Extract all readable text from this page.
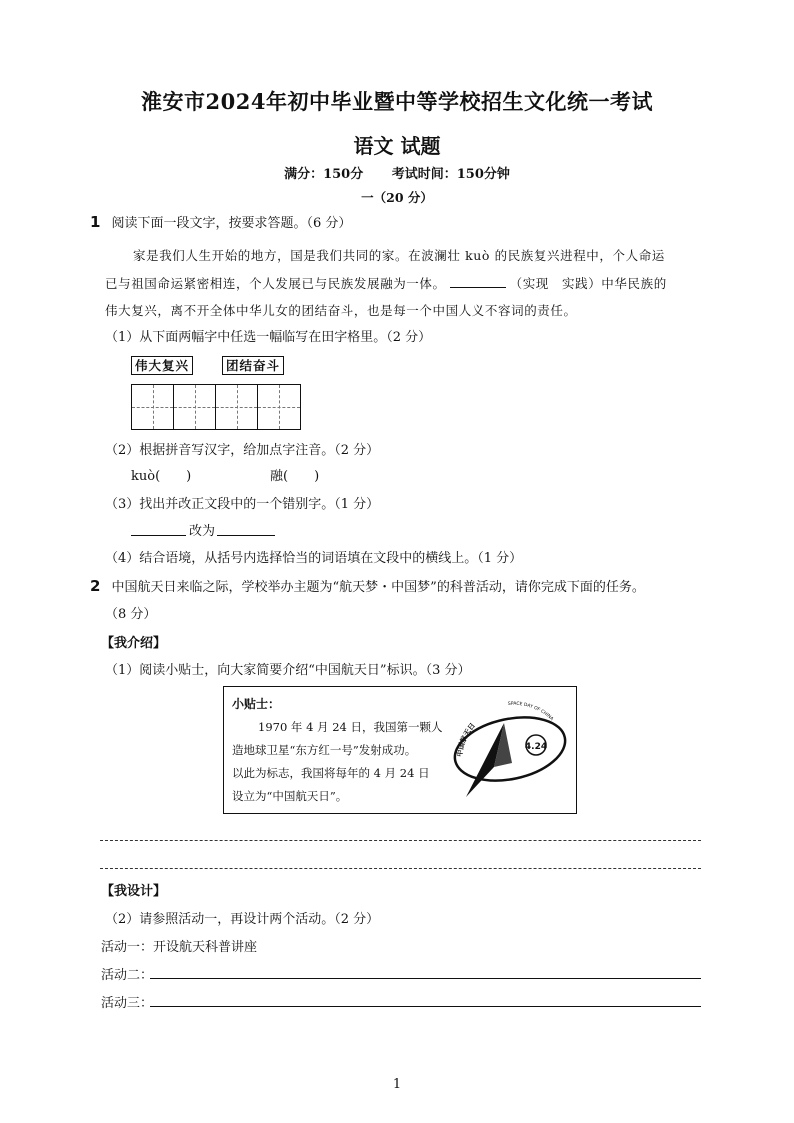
淮安市2024年初中毕业暨中等学校招生文化统一考试
语文 试题
满分：150分 考试时间：150分钟
一（20 分）
1 阅读下面一段文字，按要求答题。（6 分）
家是我们人生开始的地方，国是我们共同的家。在波澜壮 kuò 的民族复兴进程中，个人命运
已与祖国命运紧密相连，个人发展已与民族发展融为一体。	（实现　实践）中华民族的
伟大复兴，离不开全体中华儿女的团结奋斗，也是每一个中国人义不容词的责任。
（1）从下面两幅字中任选一幅临写在田字格里。（2 分）
伟大复兴	团结奋斗
（2）根据拼音写汉字，给加点字注音。（2 分）
kuò(　　)	融(　　)
（3）找出并改正文段中的一个错别字。（1 分）
改为
（4）结合语境，从括号内选择恰当的词语填在文段中的横线上。（1 分）
2 中国航天日来临之际，学校举办主题为“航天梦・中国梦”的科普活动，请你完成下面的任务。
（8 分）
【我介绍】
（1）阅读小贴士，向大家简要介绍“中国航天日”标识。（3 分）
小贴士：
1970 年 4 月 24 日，我国第一颗人
造地球卫星“东方红一号”发射成功。
以此为标志，我国将每年的 4 月 24 日
设立为“中国航天日”。
4.24
中国航天日
SPACE DAY OF CHINA
【我设计】
（2）请参照活动一，再设计两个活动。（2 分）
活动一：开设航天科普讲座
活动二：
活动三：
1
